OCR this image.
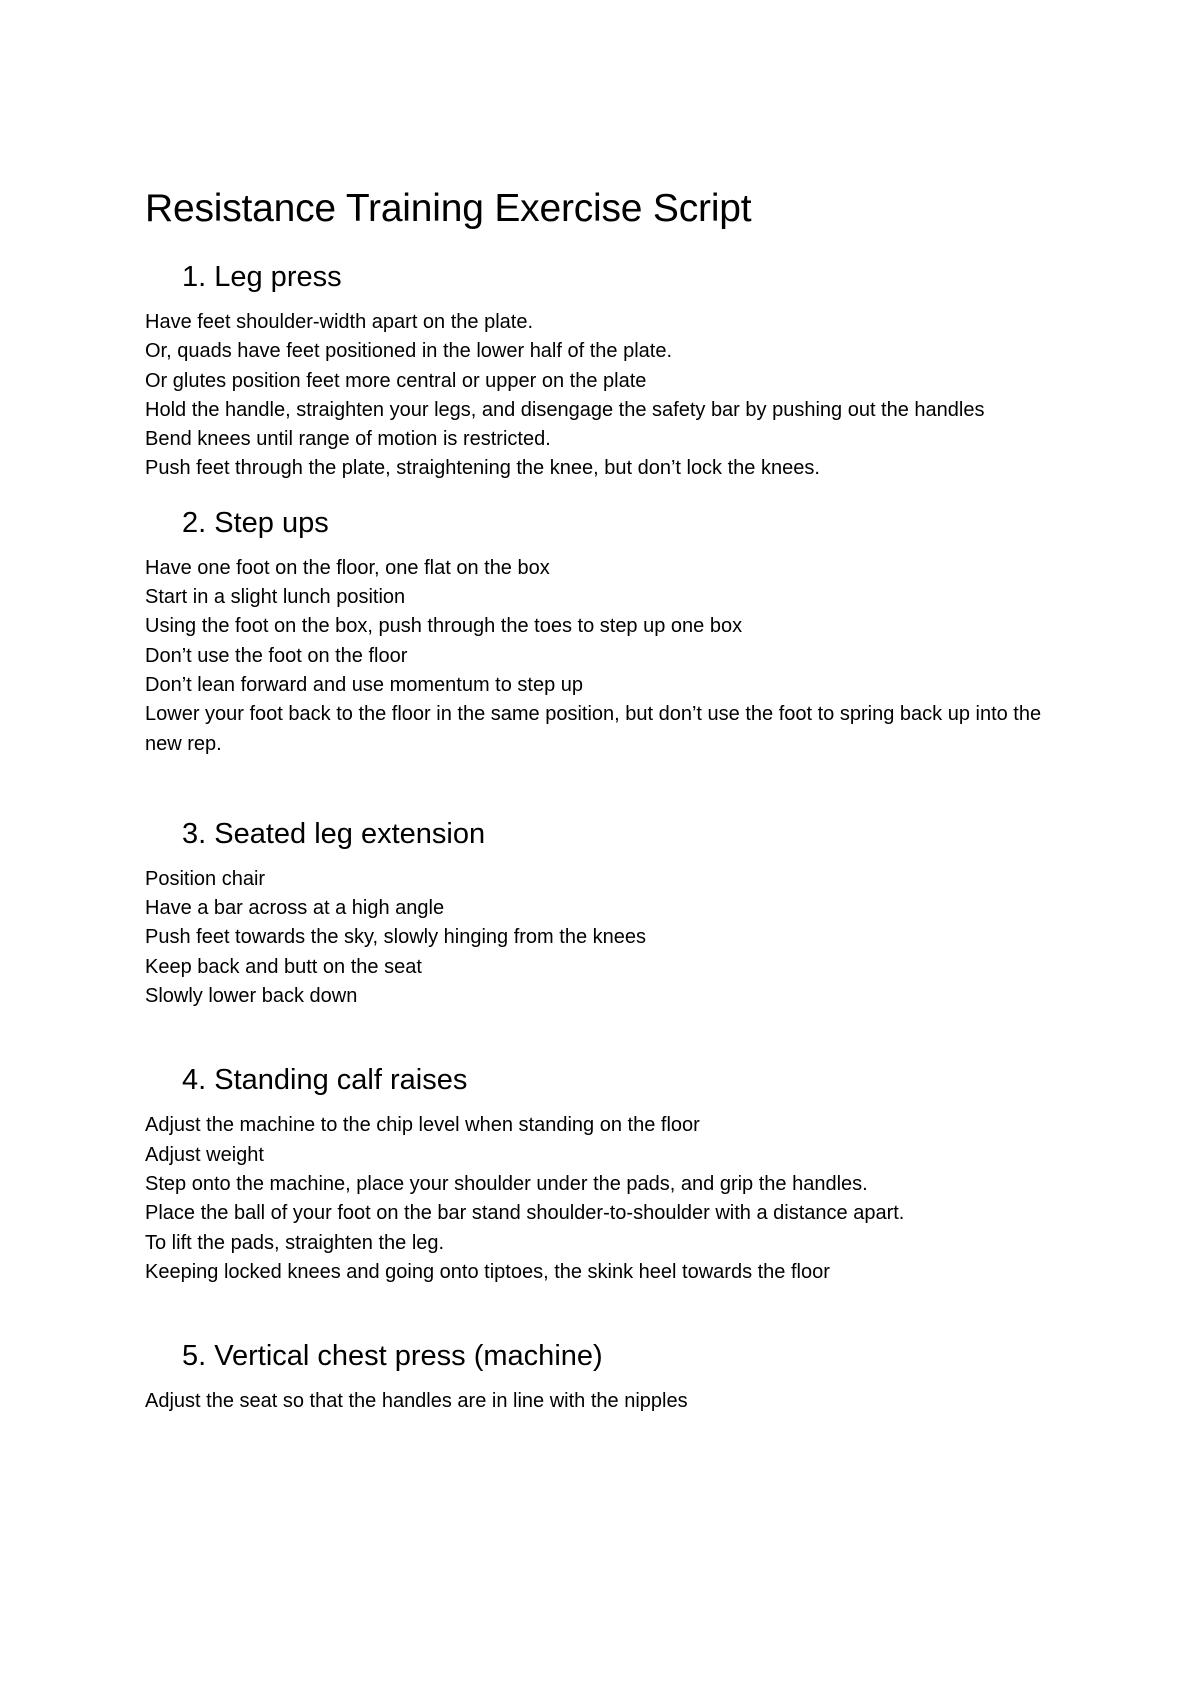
Resistance Training Exercise Script
1. Leg press
Have feet shoulder-width apart on the plate.
Or, quads have feet positioned in the lower half of the plate.
Or glutes position feet more central or upper on the plate
Hold the handle, straighten your legs, and disengage the safety bar by pushing out the handles
Bend knees until range of motion is restricted.
Push feet through the plate, straightening the knee, but don’t lock the knees.
2. Step ups
Have one foot on the floor, one flat on the box
Start in a slight lunch position
Using the foot on the box, push through the toes to step up one box
Don’t use the foot on the floor
Don’t lean forward and use momentum to step up
Lower your foot back to the floor in the same position, but don’t use the foot to spring back up into the new rep.
3. Seated leg extension
Position chair
Have a bar across at a high angle
Push feet towards the sky, slowly hinging from the knees
Keep back and butt on the seat
Slowly lower back down
4. Standing calf raises
Adjust the machine to the chip level when standing on the floor
Adjust weight
Step onto the machine, place your shoulder under the pads, and grip the handles.
Place the ball of your foot on the bar stand shoulder-to-shoulder with a distance apart.
To lift the pads, straighten the leg.
Keeping locked knees and going onto tiptoes, the skink heel towards the floor
5. Vertical chest press (machine)
Adjust the seat so that the handles are in line with the nipples
